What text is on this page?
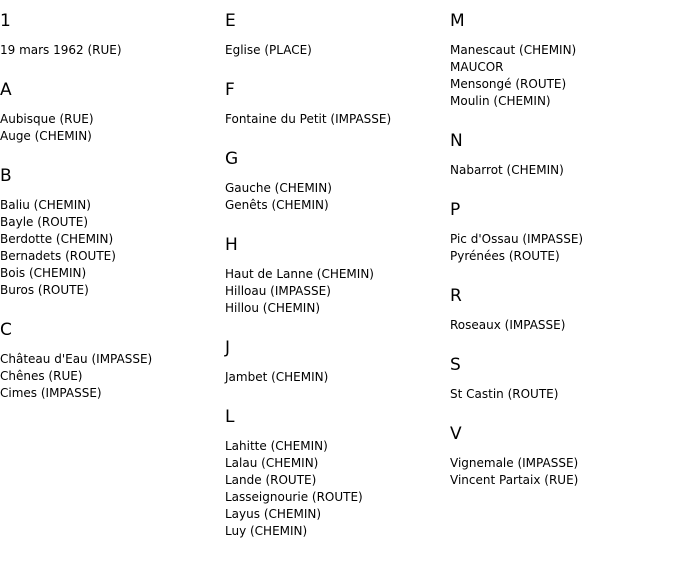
1
19 mars 1962 (RUE)
A
Aubisque (RUE)
Auge (CHEMIN)
B
Baliu (CHEMIN)
Bayle (ROUTE)
Berdotte (CHEMIN)
Bernadets (ROUTE)
Bois (CHEMIN)
Buros (ROUTE)
C
Château d'Eau (IMPASSE)
Chênes (RUE)
Cimes (IMPASSE)
E
Eglise (PLACE)
F
Fontaine du Petit (IMPASSE)
G
Gauche (CHEMIN)
Genêts (CHEMIN)
H
Haut de Lanne (CHEMIN)
Hilloau (IMPASSE)
Hillou (CHEMIN)
J
Jambet (CHEMIN)
L
Lahitte (CHEMIN)
Lalau (CHEMIN)
Lande (ROUTE)
Lasseignourie (ROUTE)
Layus (CHEMIN)
Luy (CHEMIN)
M
Manescaut (CHEMIN)
MAUCOR
Mensongé (ROUTE)
Moulin (CHEMIN)
N
Nabarrot (CHEMIN)
P
Pic d'Ossau (IMPASSE)
Pyrénées (ROUTE)
R
Roseaux (IMPASSE)
S
St Castin (ROUTE)
V
Vignemale (IMPASSE)
Vincent Partaix (RUE)
